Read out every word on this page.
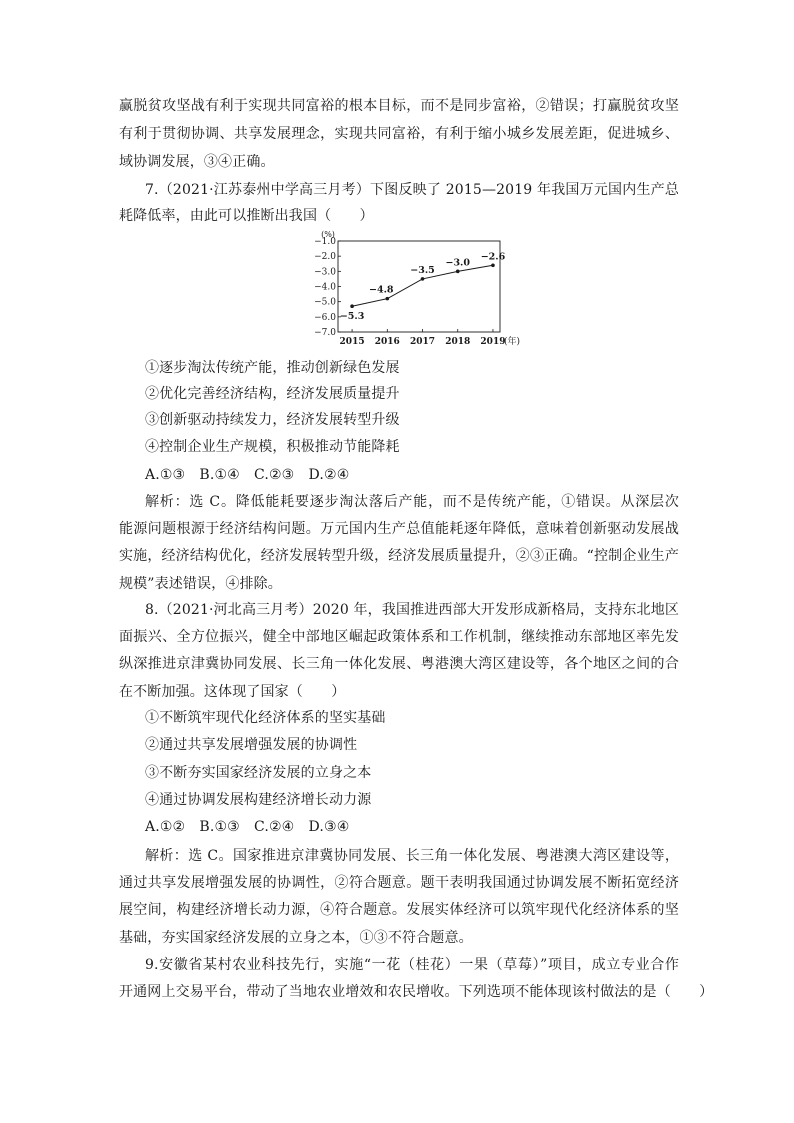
赢脱贫攻坚战有利于实现共同富裕的根本目标，而不是同步富裕，②错误；打赢脱贫攻坚
有利于贯彻协调、共享发展理念，实现共同富裕，有利于缩小城乡发展差距，促进城乡、
域协调发展，③④正确。
7.（2021·江苏泰州中学高三月考）下图反映了 2015—2019 年我国万元国内生产总
耗降低率，由此可以推断出我国（　　）
−1.0
−2.0
−3.0
−4.0
−5.0
−6.0
−7.0
(%)
2015 2016 2017 2018 2019
(年)
−5.3
−4.8
−3.5
−3.0
−2.6
①逐步淘汰传统产能，推动创新绿色发展
②优化完善经济结构，经济发展质量提升
③创新驱动持续发力，经济发展转型升级
④控制企业生产规模，积极推动节能降耗
A.①③　B.①④　C.②③　D.②④
解析：选 C。降低能耗要逐步淘汰落后产能，而不是传统产能，①错误。从深层次
能源问题根源于经济结构问题。万元国内生产总值能耗逐年降低，意味着创新驱动发展战
实施，经济结构优化，经济发展转型升级，经济发展质量提升，②③正确。“控制企业生产
规模”表述错误，④排除。
8.（2021·河北高三月考）2020 年，我国推进西部大开发形成新格局，支持东北地区
面振兴、全方位振兴，健全中部地区崛起政策体系和工作机制，继续推动东部地区率先发
纵深推进京津冀协同发展、长三角一体化发展、粤港澳大湾区建设等，各个地区之间的合
在不断加强。这体现了国家（　　）
①不断筑牢现代化经济体系的坚实基础
②通过共享发展增强发展的协调性
③不断夯实国家经济发展的立身之本
④通过协调发展构建经济增长动力源
A.①②　B.①③　C.②④　D.③④
解析：选 C。国家推进京津冀协同发展、长三角一体化发展、粤港澳大湾区建设等，
通过共享发展增强发展的协调性，②符合题意。题干表明我国通过协调发展不断拓宽经济
展空间，构建经济增长动力源，④符合题意。发展实体经济可以筑牢现代化经济体系的坚
基础，夯实国家经济发展的立身之本，①③不符合题意。
9.安徽省某村农业科技先行，实施“一花（桂花）一果（草莓）”项目，成立专业合作
开通网上交易平台，带动了当地农业增效和农民增收。下列选项不能体现该村做法的是（　　）
